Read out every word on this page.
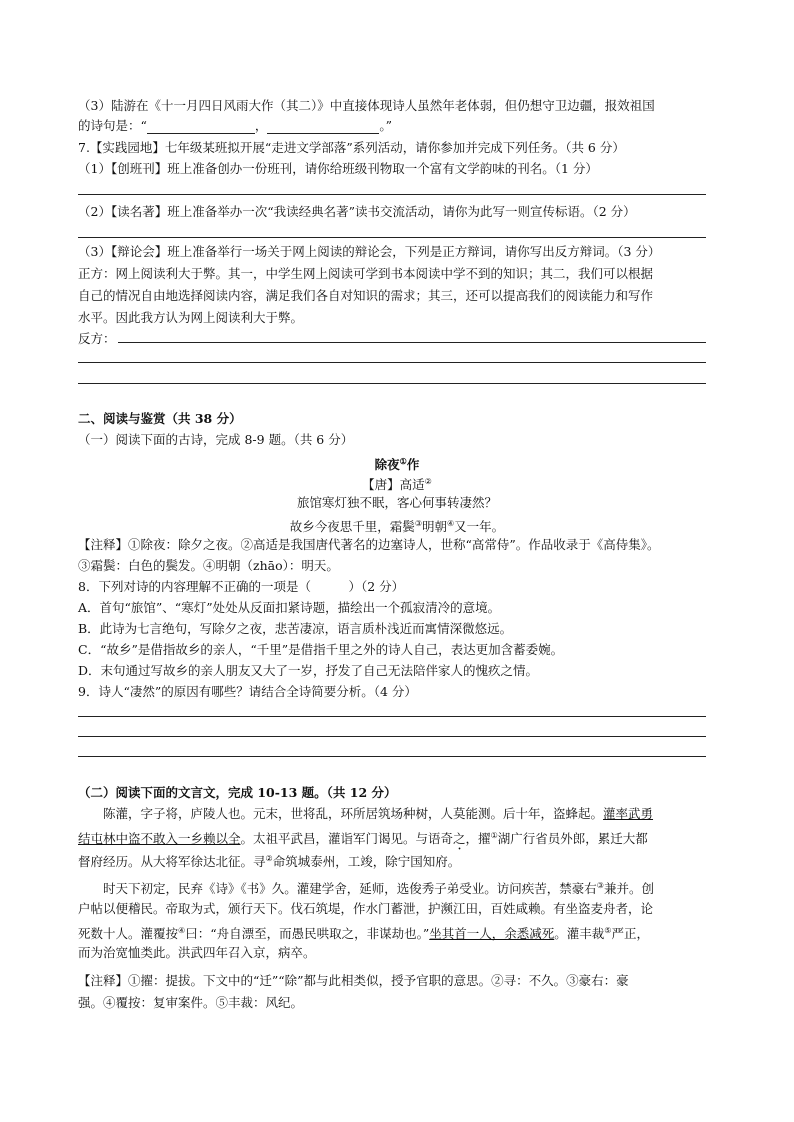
（3）陆游在《十一月四日风雨大作（其二）》中直接体现诗人虽然年老体弱，但仍想守卫边疆，报效祖国
的诗句是：“	，	。”
7.【实践园地】七年级某班拟开展“走进文学部落”系列活动，请你参加并完成下列任务。（共 6 分）
（1）【创班刊】班上准备创办一份班刊，请你给班级刊物取一个富有文学韵味的刊名。（1 分）
（2）【读名著】班上准备举办一次“我读经典名著”读书交流活动，请你为此写一则宣传标语。（2 分）
（3）【辩论会】班上准备举行一场关于网上阅读的辩论会，下列是正方辩词，请你写出反方辩词。（3 分）
正方：网上阅读利大于弊。其一，中学生网上阅读可学到书本阅读中学不到的知识；其二，我们可以根据
自己的情况自由地选择阅读内容，满足我们各自对知识的需求；其三，还可以提高我们的阅读能力和写作
水平。因此我方认为网上阅读利大于弊。
反方：
二、阅读与鉴赏（共 38 分）
（一）阅读下面的古诗，完成 8-9 题。（共 6 分）
除夜①作
【唐】高适②
旅馆寒灯独不眠，客心何事转凄然？
故乡今夜思千里，霜鬓③明朝④又一年。
【注释】①除夜：除夕之夜。②高适是我国唐代著名的边塞诗人，世称“高常侍”。作品收录于《高侍集》。
③霜鬓：白色的鬓发。④明朝（zhāo）：明天。
8．下列对诗的内容理解不正确的一项是（　　　）（2 分）
A．首句“旅馆”、“寒灯”处处从反面扣紧诗题，描绘出一个孤寂清冷的意境。
B．此诗为七言绝句，写除夕之夜，悲苦凄凉，语言质朴浅近而寓情深微悠远。
C．“故乡”是借指故乡的亲人，“千里”是借指千里之外的诗人自己，表达更加含蓄委婉。
D．末句通过写故乡的亲人朋友又大了一岁，抒发了自己无法陪伴家人的愧疚之情。
9．诗人“凄然”的原因有哪些？请结合全诗简要分析。（4 分）
（二）阅读下面的文言文，完成 10-13 题。（共 12 分）
陈灌，字子将，庐陵人也。元末，世将乱，环所居筑场种树，人莫能测。后十年，盗蜂起。灌率武勇
结屯林中盗不敢入一乡赖以全。太祖平武昌，灌诣军门谒见。与语奇之，擢①湖广行省员外郎，累迁大都
督府经历。从大将军徐达北征。寻②命筑城泰州，工竣，除宁国知府。
时天下初定，民弃《诗》《书》久。灌建学舍，延师，选俊秀子弟受业。访问疾苦，禁豪右③兼并。创
户帖以便稽民。帝取为式，颁行天下。伐石筑堤，作水门蓄泄，护濒江田，百姓咸赖。有坐盗麦舟者，论
死数十人。灌覆按④曰：“舟自漂至，而愚民哄取之，非谋劫也。”坐其首一人，余悉减死。灌丰裁⑤严正，
而为治宽恤类此。洪武四年召入京，病卒。
【注释】①擢：提拔。下文中的“迁”“除”都与此相类似，授予官职的意思。②寻：不久。③豪右：豪
强。④覆按：复审案件。⑤丰裁：风纪。
